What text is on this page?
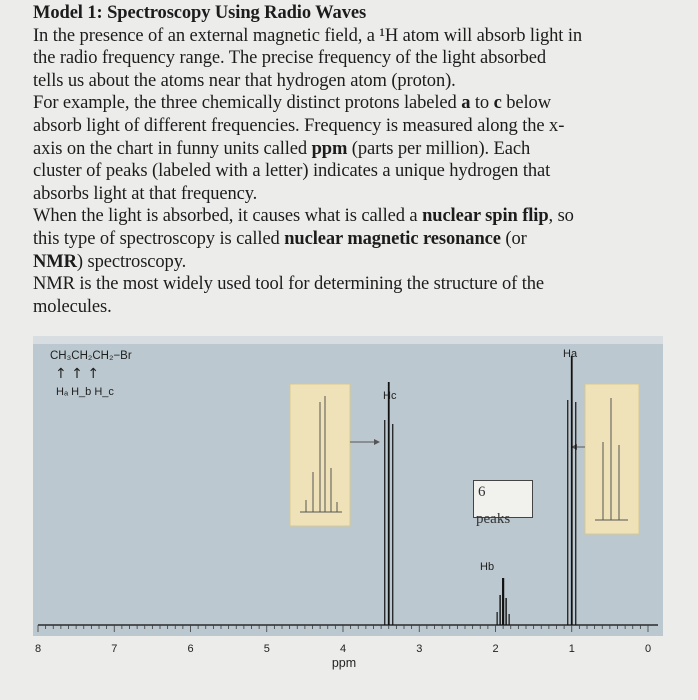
Model 1: Spectroscopy Using Radio Waves
In the presence of an external magnetic field, a ¹H atom will absorb light in
the radio frequency range. The precise frequency of the light absorbed
tells us about the atoms near that hydrogen atom (proton).
For example, the three chemically distinct protons labeled a to c below
absorb light of different frequencies. Frequency is measured along the x-
axis on the chart in funny units called ppm (parts per million). Each
cluster of peaks (labeled with a letter) indicates a unique hydrogen that
absorbs light at that frequency.
When the light is absorbed, it causes what is called a nuclear spin flip, so
this type of spectroscopy is called nuclear magnetic resonance (or
NMR) spectroscopy.
NMR is the most widely used tool for determining the structure of the
molecules.
CH₃CH₂CH₂−Br
↑ ↑ ↑
Hₐ H_b H_c
8	7	6	5	4	3	2	1	0
Hc
Ha
Hb
ppm
6
peaks
